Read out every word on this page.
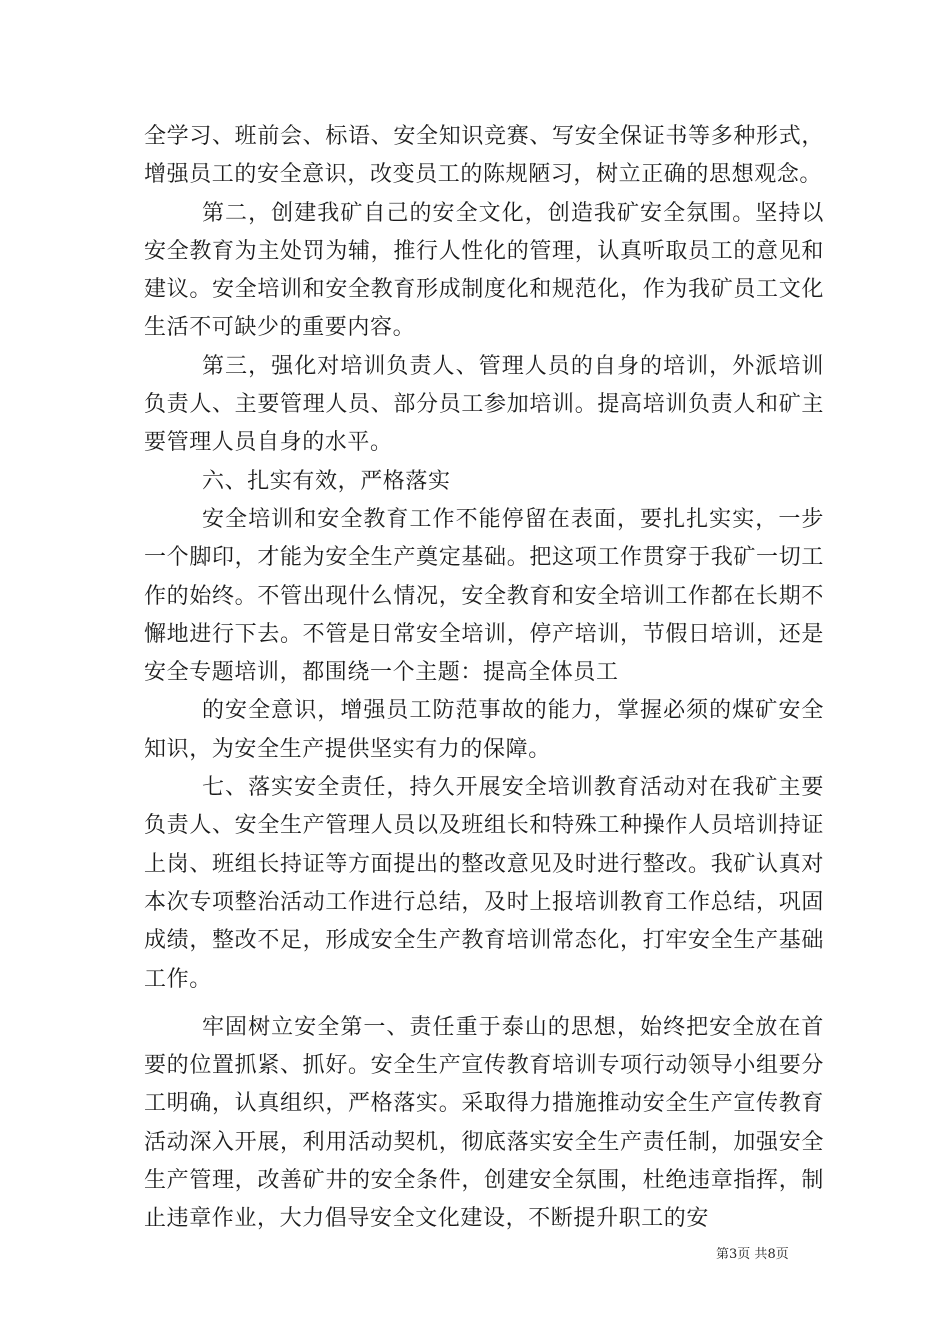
全学习、班前会、标语、安全知识竞赛、写安全保证书等多种形式，增强员工的安全意识，改变员工的陈规陋习，树立正确的思想观念。

第二，创建我矿自己的安全文化，创造我矿安全氛围。坚持以安全教育为主处罚为辅，推行人性化的管理，认真听取员工的意见和建议。安全培训和安全教育形成制度化和规范化，作为我矿员工文化生活不可缺少的重要内容。

第三，强化对培训负责人、管理人员的自身的培训，外派培训负责人、主要管理人员、部分员工参加培训。提高培训负责人和矿主要管理人员自身的水平。

六、扎实有效，严格落实

安全培训和安全教育工作不能停留在表面，要扎扎实实，一步一个脚印，才能为安全生产奠定基础。把这项工作贯穿于我矿一切工作的始终。不管出现什么情况，安全教育和安全培训工作都在长期不懈地进行下去。不管是日常安全培训，停产培训，节假日培训，还是安全专题培训，都围绕一个主题：提高全体员工

的安全意识，增强员工防范事故的能力，掌握必须的煤矿安全知识，为安全生产提供坚实有力的保障。

七、落实安全责任，持久开展安全培训教育活动对在我矿主要负责人、安全生产管理人员以及班组长和特殊工种操作人员培训持证上岗、班组长持证等方面提出的整改意见及时进行整改。我矿认真对本次专项整治活动工作进行总结，及时上报培训教育工作总结，巩固成绩，整改不足，形成安全生产教育培训常态化，打牢安全生产基础工作。

牢固树立安全第一、责任重于泰山的思想，始终把安全放在首要的位置抓紧、抓好。安全生产宣传教育培训专项行动领导小组要分工明确，认真组织，严格落实。采取得力措施推动安全生产宣传教育活动深入开展，利用活动契机，彻底落实安全生产责任制，加强安全生产管理，改善矿井的安全条件，创建安全氛围，杜绝违章指挥，制止违章作业，大力倡导安全文化建设，不断提升职工的安

第3页 共8页
